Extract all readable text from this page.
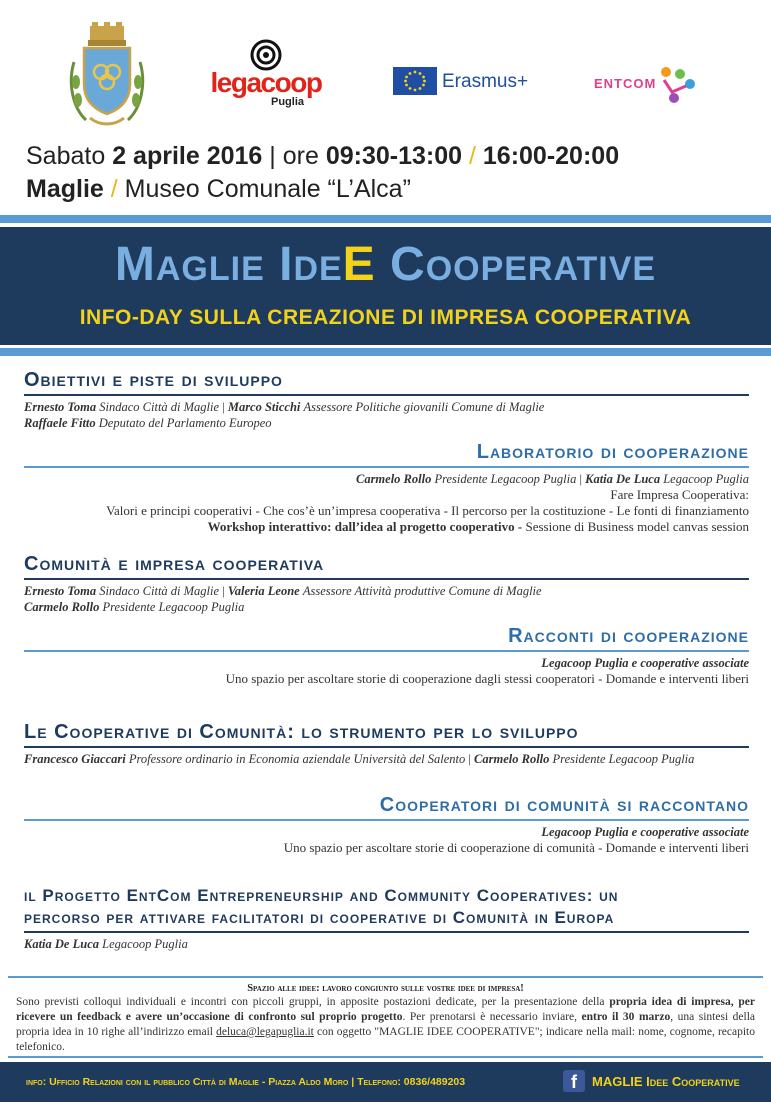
legacoop
Puglia
Erasmus+	ENTCOM
Sabato 2 aprile 2016 | ore 09:30-13:00 / 16:00-20:00
Maglie / Museo Comunale “L’Alca”
Maglie IdeE Cooperative
INFO-DAY SULLA CREAZIONE DI IMPRESA COOPERATIVA
Obiettivi e piste di sviluppo
Ernesto Toma Sindaco Città di Maglie | Marco Sticchi Assessore Politiche giovanili Comune di Maglie
Raffaele Fitto Deputato del Parlamento Europeo
Laboratorio di cooperazione
Carmelo Rollo Presidente Legacoop Puglia | Katia De Luca Legacoop Puglia
Fare Impresa Cooperativa:
Valori e principi cooperativi - Che cos’è un’impresa cooperativa - Il percorso per la costituzione - Le fonti di finanziamento
Workshop interattivo: dall’idea al progetto cooperativo - Sessione di Business model canvas session
Comunità e impresa cooperativa
Ernesto Toma Sindaco Città di Maglie | Valeria Leone Assessore Attività produttive Comune di Maglie
Carmelo Rollo Presidente Legacoop Puglia
Racconti di cooperazione
Legacoop Puglia e cooperative associate
Uno spazio per ascoltare storie di cooperazione dagli stessi cooperatori - Domande e interventi liberi
Le Cooperative di Comunità: lo strumento per lo sviluppo
Francesco Giaccari Professore ordinario in Economia aziendale Università del Salento | Carmelo Rollo Presidente Legacoop Puglia
Cooperatori di comunità si raccontano
Legacoop Puglia e cooperative associate
Uno spazio per ascoltare storie di cooperazione di comunità - Domande e interventi liberi
il Progetto EntCom Entrepreneurship and Community Cooperatives: un
percorso per attivare facilitatori di cooperative di Comunità in Europa
Katia De Luca Legacoop Puglia
Spazio alle idee: lavoro congiunto sulle vostre idee di impresa!
Sono previsti colloqui individuali e incontri con piccoli gruppi, in apposite postazioni dedicate, per la presentazione della propria idea di impresa, per ricevere un feedback e avere un’occasione di confronto sul proprio progetto. Per prenotarsi è necessario inviare, entro il 30 marzo, una sintesi della propria idea in 10 righe all’indirizzo email deluca@legapuglia.it con oggetto "MAGLIE IDEE COOPERATIVE"; indicare nella mail: nome, cognome, recapito telefonico.
info: Ufficio Relazioni con il pubblico Città di Maglie - Piazza Aldo Moro | Telefono: 0836/489203	f	MAGLIE Idee Cooperative
